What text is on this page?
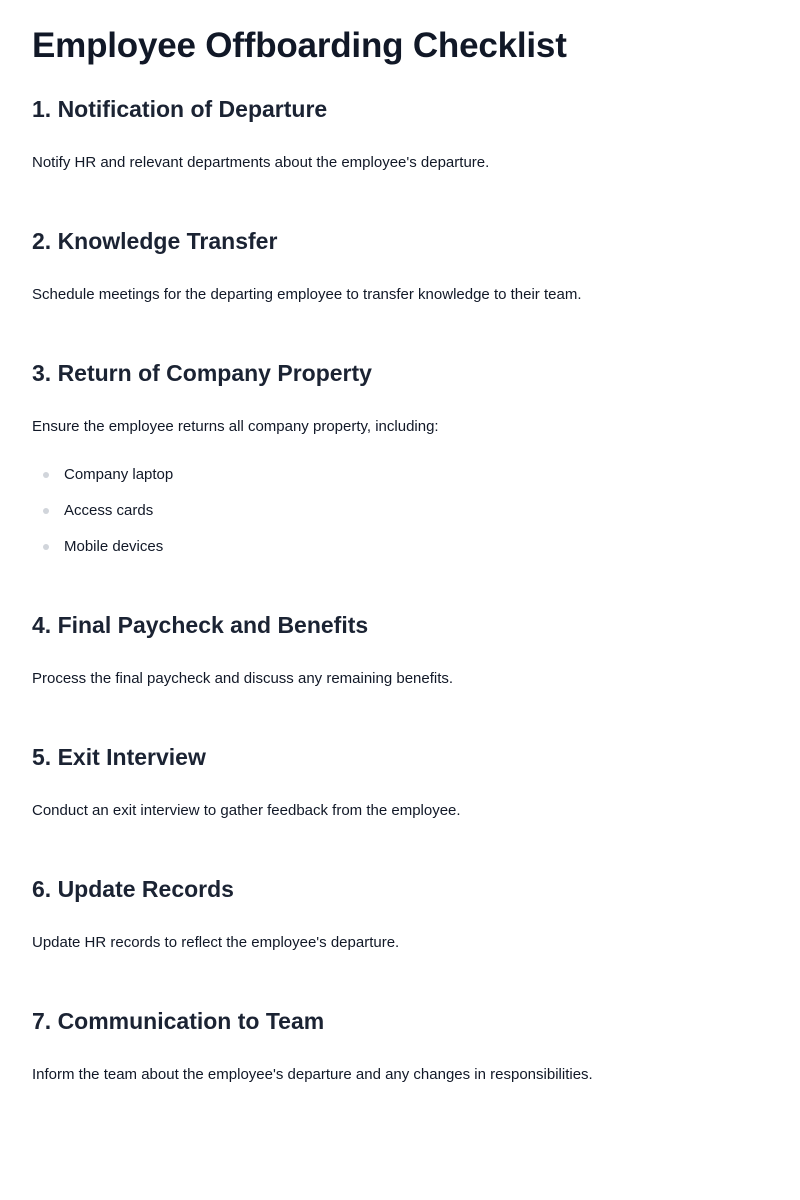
Employee Offboarding Checklist
1. Notification of Departure

Notify HR and relevant departments about the employee's departure.

2. Knowledge Transfer

Schedule meetings for the departing employee to transfer knowledge to their team.

3. Return of Company Property

Ensure the employee returns all company property, including:

Company laptop
Access cards
Mobile devices
4. Final Paycheck and Benefits

Process the final paycheck and discuss any remaining benefits.

5. Exit Interview

Conduct an exit interview to gather feedback from the employee.

6. Update Records

Update HR records to reflect the employee's departure.

7. Communication to Team

Inform the team about the employee's departure and any changes in responsibilities.
